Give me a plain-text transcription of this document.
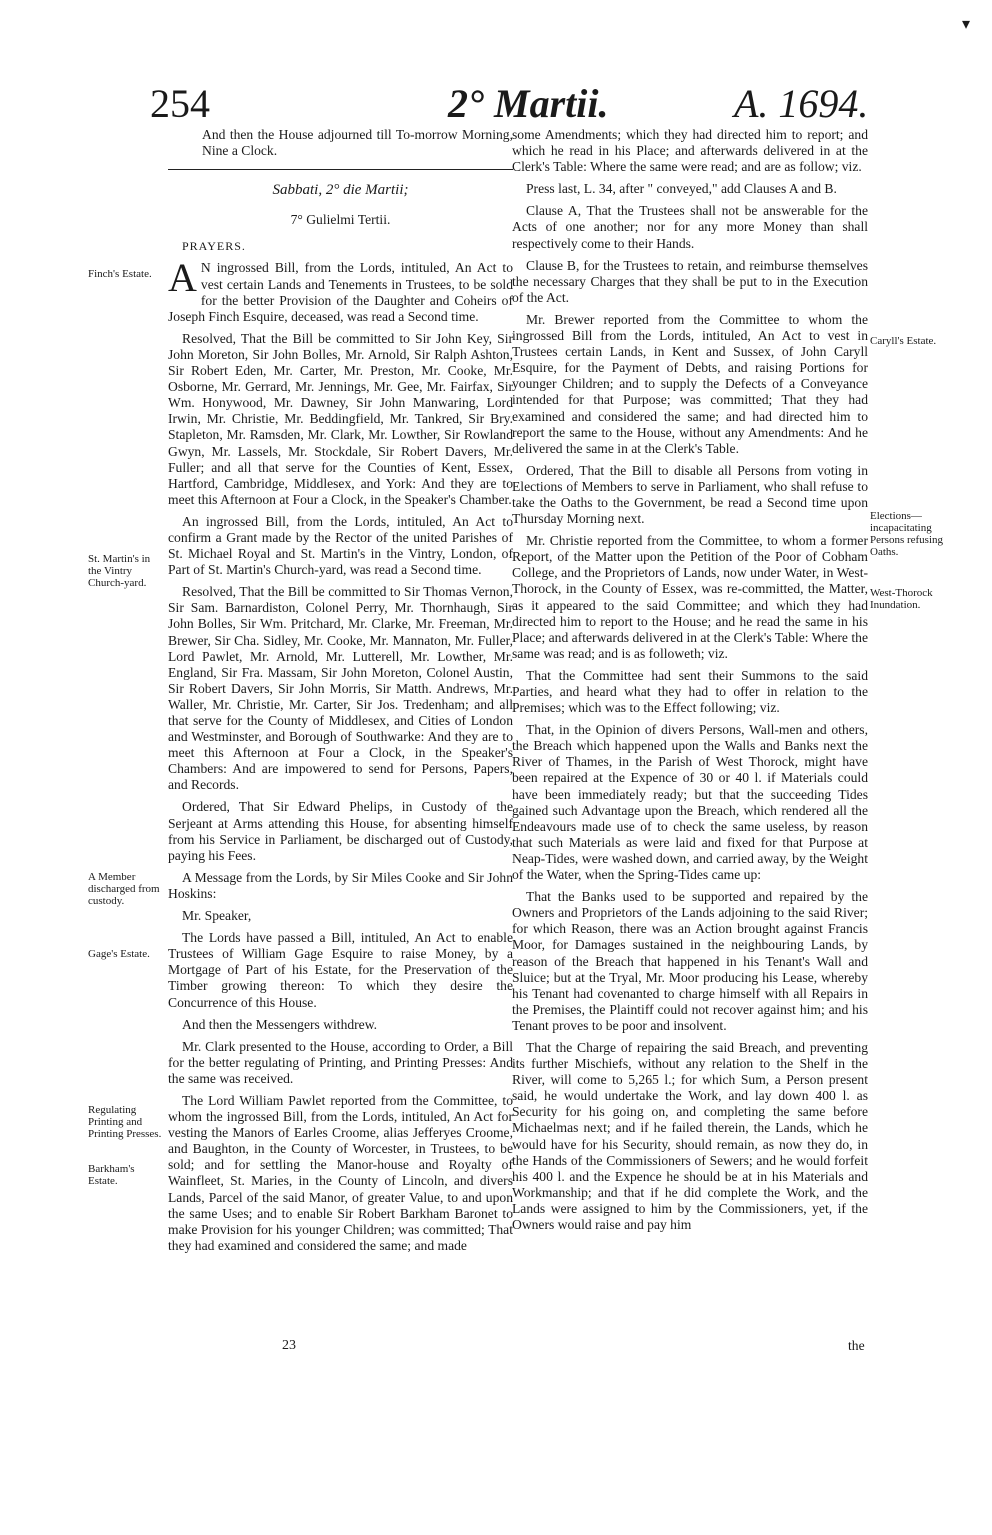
▾
254	2° Martii.	A. 1694.

And then the House adjourned till To-morrow Morning, Nine a Clock.

Sabbati, 2° die Martii;
7° Gulielmi Tertii.

PRAYERS.

A N ingrossed Bill, from the Lords, intituled, An Act to vest certain Lands and Tenements in Trustees, to be sold for the better Provision of the Daughter and Coheirs of Joseph Finch Esquire, deceased, was read a Second time.

Resolved, That the Bill be committed to Sir John Key, Sir John Moreton, Sir John Bolles, Mr. Arnold, Sir Ralph Ashton, Sir Robert Eden, Mr. Carter, Mr. Preston, Mr. Cooke, Mr. Osborne, Mr. Gerrard, Mr. Jennings, Mr. Gee, Mr. Fairfax, Sir Wm. Honywood, Mr. Dawney, Sir John Manwaring, Lord Irwin, Mr. Christie, Mr. Beddingfield, Mr. Tankred, Sir Bry. Stapleton, Mr. Ramsden, Mr. Clark, Mr. Lowther, Sir Rowland Gwyn, Mr. Lassels, Mr. Stockdale, Sir Robert Davers, Mr. Fuller; and all that serve for the Counties of Kent, Essex, Hartford, Cambridge, Middlesex, and York: And they are to meet this Afternoon at Four a Clock, in the Speaker's Chamber.

An ingrossed Bill, from the Lords, intituled, An Act to confirm a Grant made by the Rector of the united Parishes of St. Michael Royal and St. Martin's in the Vintry, London, of Part of St. Martin's Church-yard, was read a Second time.

Resolved, That the Bill be committed to Sir Thomas Vernon, Sir Sam. Barnardiston, Colonel Perry, Mr. Thornhaugh, Sir John Bolles, Sir Wm. Pritchard, Mr. Clarke, Mr. Freeman, Mr. Brewer, Sir Cha. Sidley, Mr. Cooke, Mr. Mannaton, Mr. Fuller, Lord Pawlet, Mr. Arnold, Mr. Lutterell, Mr. Lowther, Mr. England, Sir Fra. Massam, Sir John Moreton, Colonel Austin, Sir Robert Davers, Sir John Morris, Sir Matth. Andrews, Mr. Waller, Mr. Christie, Mr. Carter, Sir Jos. Tredenham; and all that serve for the County of Middlesex, and Cities of London and Westminster, and Borough of Southwarke: And they are to meet this Afternoon at Four a Clock, in the Speaker's Chambers: And are impowered to send for Persons, Papers, and Records.

Ordered, That Sir Edward Phelips, in Custody of the Serjeant at Arms attending this House, for absenting himself from his Service in Parliament, be discharged out of Custody, paying his Fees.

A Message from the Lords, by Sir Miles Cooke and Sir John Hoskins:

Mr. Speaker,

The Lords have passed a Bill, intituled, An Act to enable Trustees of William Gage Esquire to raise Money, by a Mortgage of Part of his Estate, for the Preservation of the Timber growing thereon: To which they desire the Concurrence of this House.

And then the Messengers withdrew.

Mr. Clark presented to the House, according to Order, a Bill for the better regulating of Printing, and Printing Presses: And the same was received.

The Lord William Pawlet reported from the Committee, to whom the ingrossed Bill, from the Lords, intituled, An Act for vesting the Manors of Earles Croome, alias Jefferyes Croome, and Baughton, in the County of Worcester, in Trustees, to be sold; and for settling the Manor-house and Royalty of Wainfleet, St. Maries, in the County of Lincoln, and divers Lands, Parcel of the said Manor, of greater Value, to and upon the same Uses; and to enable Sir Robert Barkham Baronet to make Provision for his younger Children; was committed; That they had examined and considered the same; and made

some Amendments; which they had directed him to report; and which he read in his Place; and afterwards delivered in at the Clerk's Table: Where the same were read; and are as follow; viz.

Press last, L. 34, after " conveyed," add Clauses A and B.

Clause A, That the Trustees shall not be answerable for the Acts of one another; nor for any more Money than shall respectively come to their Hands.

Clause B, for the Trustees to retain, and reimburse themselves the necessary Charges that they shall be put to in the Execution of the Act.

Mr. Brewer reported from the Committee to whom the ingrossed Bill from the Lords, intituled, An Act to vest in Trustees certain Lands, in Kent and Sussex, of John Caryll Esquire, for the Payment of Debts, and raising Portions for younger Children; and to supply the Defects of a Conveyance intended for that Purpose; was committed; That they had examined and considered the same; and had directed him to report the same to the House, without any Amendments: And he delivered the same in at the Clerk's Table.

Ordered, That the Bill to disable all Persons from voting in Elections of Members to serve in Parliament, who shall refuse to take the Oaths to the Government, be read a Second time upon Thursday Morning next.

Mr. Christie reported from the Committee, to whom a former Report, of the Matter upon the Petition of the Poor of Cobham College, and the Proprietors of Lands, now under Water, in West-Thorock, in the County of Essex, was re-committed, the Matter, as it appeared to the said Committee; and which they had directed him to report to the House; and he read the same in his Place; and afterwards delivered in at the Clerk's Table: Where the same was read; and is as followeth; viz.

That the Committee had sent their Summons to the said Parties, and heard what they had to offer in relation to the Premises; which was to the Effect following; viz.

That, in the Opinion of divers Persons, Wall-men and others, the Breach which happened upon the Walls and Banks next the River of Thames, in the Parish of West Thorock, might have been repaired at the Expence of 30 or 40 l. if Materials could have been immediately ready; but that the succeeding Tides gained such Advantage upon the Breach, which rendered all the Endeavours made use of to check the same useless, by reason that such Materials as were laid and fixed for that Purpose at Neap-Tides, were washed down, and carried away, by the Weight of the Water, when the Spring-Tides came up:

That the Banks used to be supported and repaired by the Owners and Proprietors of the Lands adjoining to the said River; for which Reason, there was an Action brought against Francis Moor, for Damages sustained in the neighbouring Lands, by reason of the Breach that happened in his Tenant's Wall and Sluice; but at the Tryal, Mr. Moor producing his Lease, whereby his Tenant had covenanted to charge himself with all Repairs in the Premises, the Plaintiff could not recover against him; and his Tenant proves to be poor and insolvent.

That the Charge of repairing the said Breach, and preventing its further Mischiefs, without any relation to the Shelf in the River, will come to 5,265 l.; for which Sum, a Person present said, he would undertake the Work, and lay down 400 l. as Security for his going on, and completing the same before Michaelmas next; and if he failed therein, the Lands, which he would have for his Security, should remain, as now they do, in the Hands of the Commissioners of Sewers; and he would forfeit his 400 l. and the Expence he should be at in his Materials and Workmanship; and that if he did complete the Work, and the Lands were assigned to him by the Commissioners, yet, if the Owners would raise and pay him

Finch's Estate.
St. Martin's in the Vintry Church-yard.
A Member discharged from custody.
Gage's Estate.
Regulating Printing and Printing Presses.
Barkham's Estate.
Caryll's Estate.
Elections—incapacitating Persons refusing Oaths.
West-Thorock Inundation.
23	the
